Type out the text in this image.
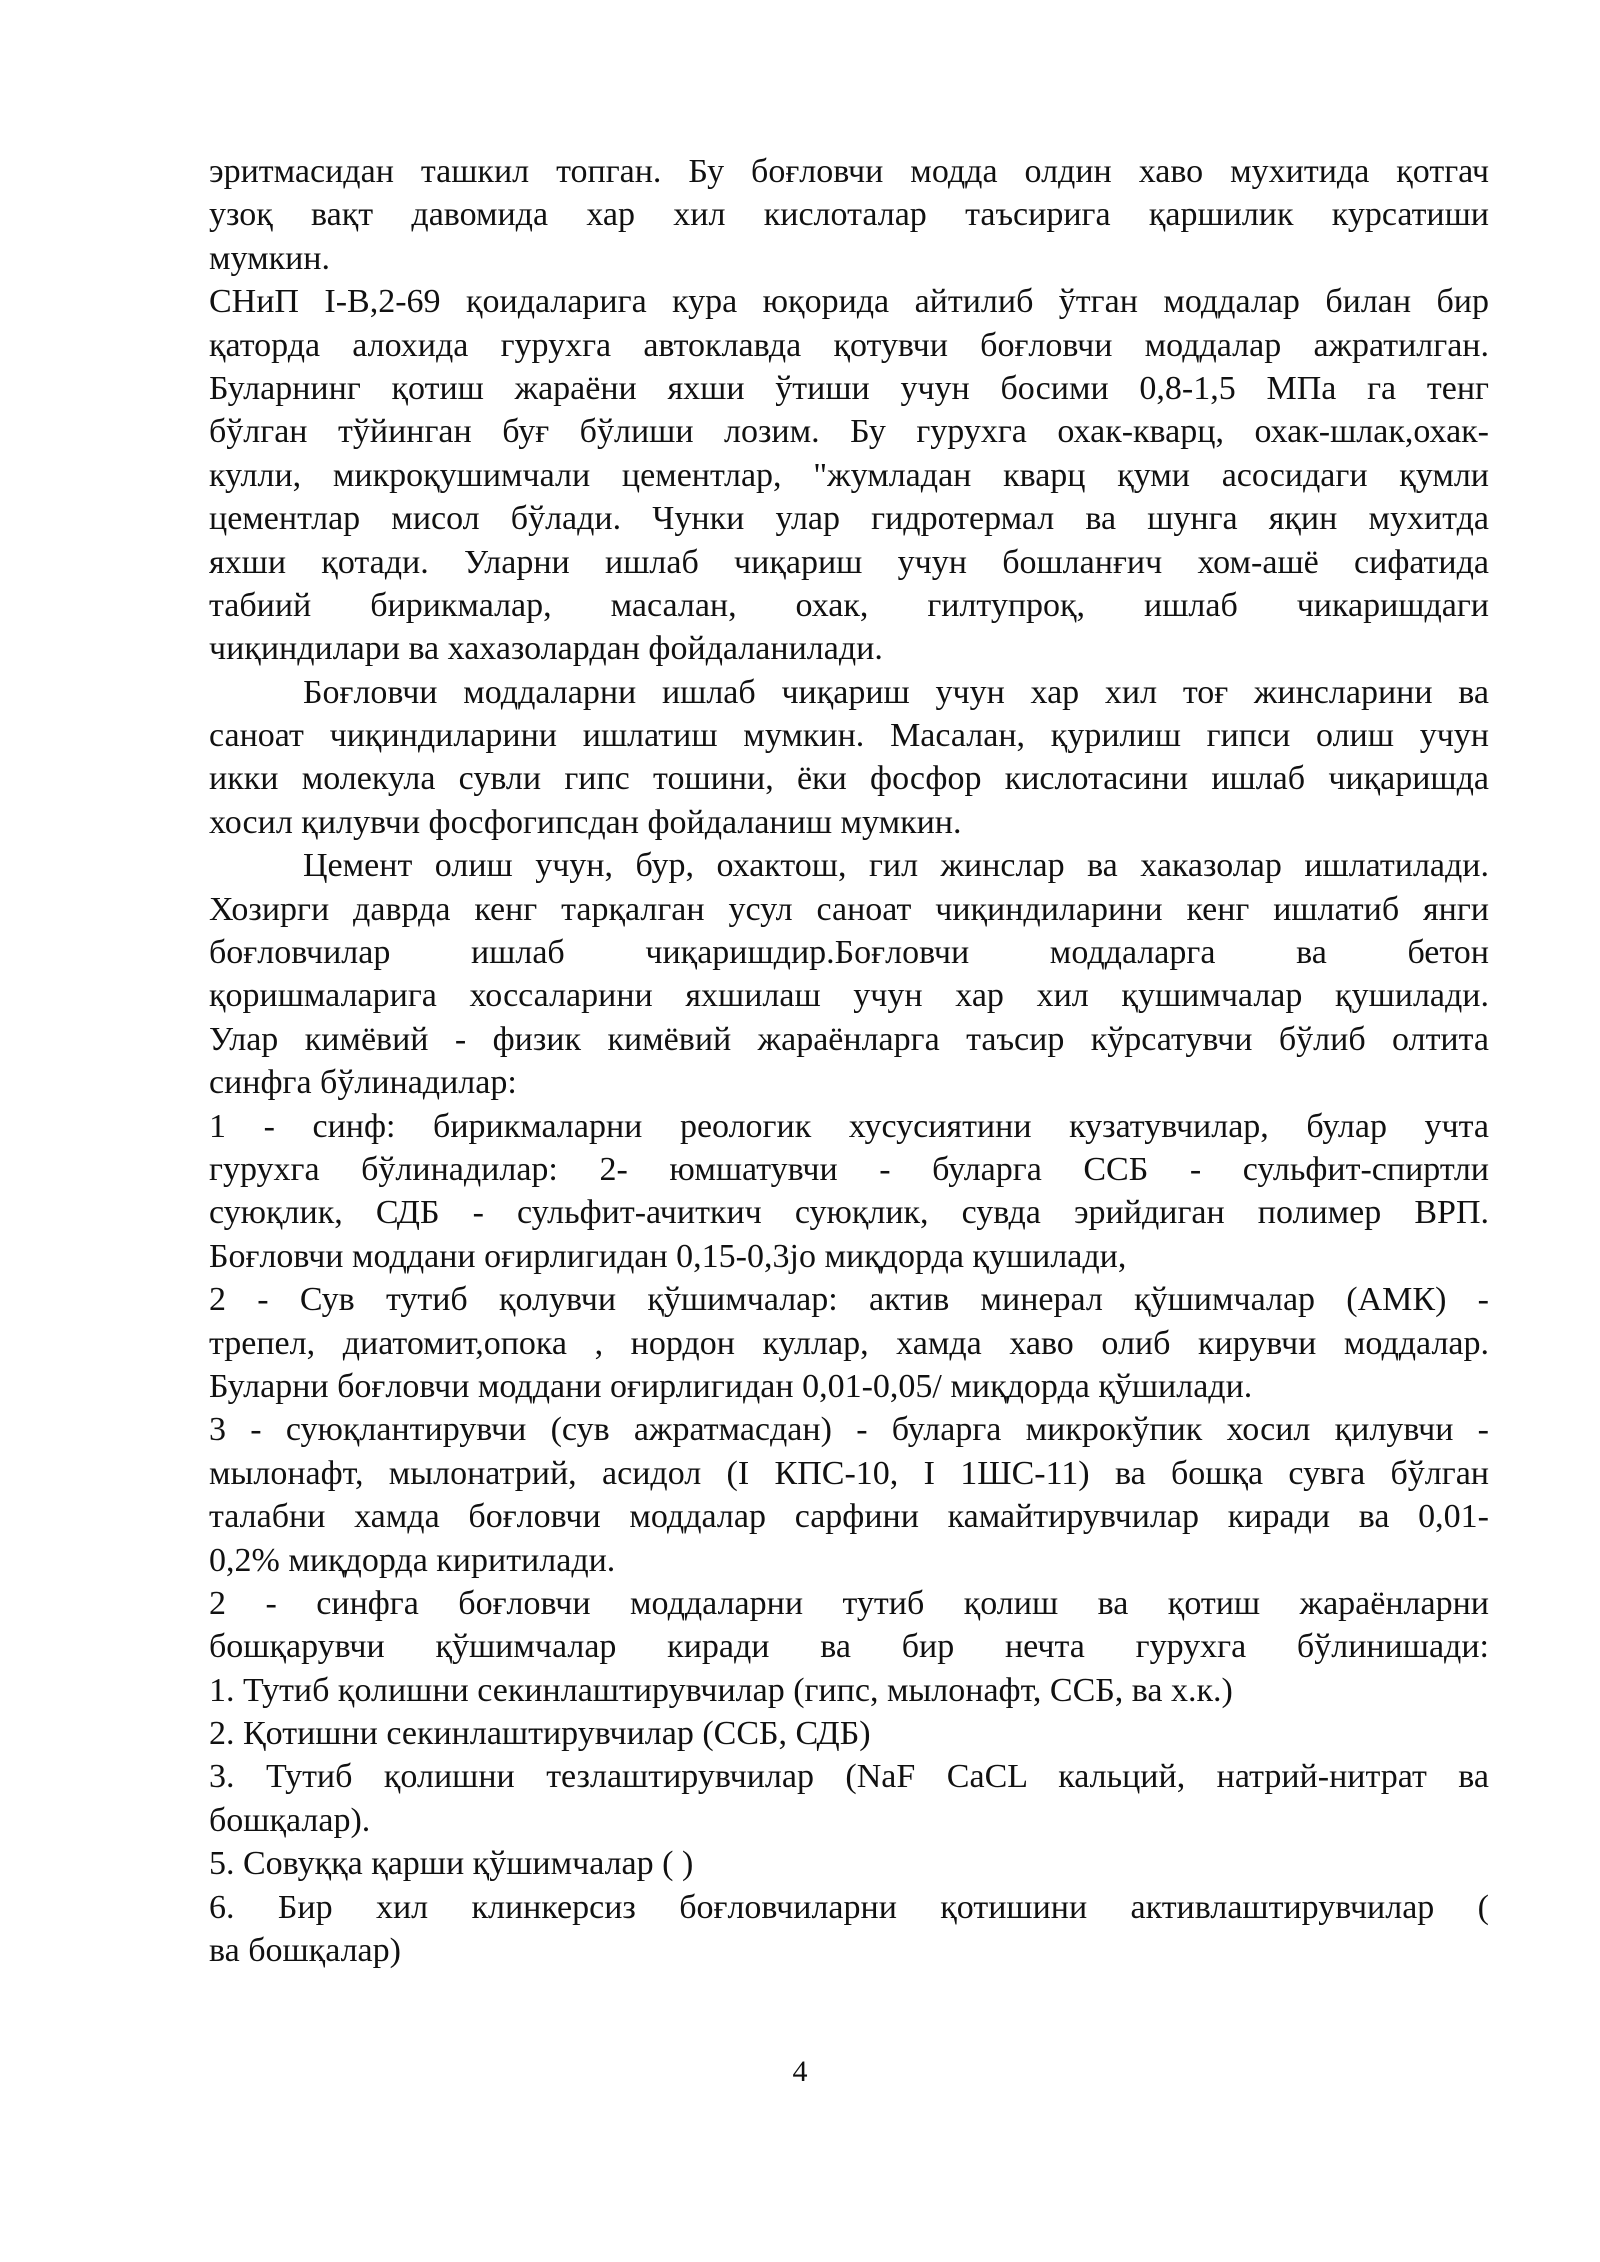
эритмасидан ташкил топган. Бу боғловчи модда олдин хаво мухитида қотгач
узоқ вақт давомида хар хил кислоталар таъсирига қаршилик курсатиши
мумкин.
СНиП I-В,2-69 қоидаларига кура юқорида айтилиб ўтган моддалар билан бир
қаторда алохида гурухга автоклавда қотувчи боғловчи моддалар ажратилган.
Буларнинг қотиш жараёни яхши ўтиши учун босими 0,8-1,5 МПа га тенг
бўлган тўйинган буғ бўлиши лозим. Бу гурухга охак-кварц, охак-шлак,охак-
кулли, микроқушимчали цементлар, "жумладан кварц қуми асосидаги қумли
цементлар мисол бўлади. Чунки улар гидротермал ва шунга яқин мухитда
яхши қотади. Уларни ишлаб чиқариш учун бошланғич хом-ашё сифатида
табиий бирикмалар, масалан, охак, гилтупроқ, ишлаб чикаришдаги
чиқиндилари ва хахазолардан фойдаланилади.
Боғловчи моддаларни ишлаб чиқариш учун хар хил тоғ жинсларини ва
саноат чиқиндиларини ишлатиш мумкин. Масалан, қурилиш гипси олиш учун
икки молекула сувли гипс тошини, ёки фосфор кислотасини ишлаб чиқаришда
хосил қилувчи фосфогипсдан фойдаланиш мумкин.
Цемент олиш учун, бур, охактош, гил жинслар ва хаказолар ишлатилади.
Хозирги даврда кенг тарқалган усул саноат чиқиндиларини кенг ишлатиб янги
боғловчилар ишлаб чиқаришдир.Боғловчи моддаларга ва бетон
қоришмаларига хоссаларини яхшилаш учун хар хил қушимчалар қушилади.
Улар кимёвий - физик кимёвий жараёнларга таъсир кўрсатувчи бўлиб олтита
синфга бўлинадилар:
1 - синф: бирикмаларни реологик хусусиятини кузатувчилар, булар учта
гурухга бўлинадилар: 2- юмшатувчи - буларга ССБ - сульфит-спиртли
суюқлик, СДБ - сульфит-ачиткич суюқлик, сувда эрийдиган полимер ВРП.
Боғловчи моддани оғирлигидан 0,15-0,3јо миқдорда қушилади,
2 - Сув тутиб қолувчи қўшимчалар: актив минерал қўшимчалар (АМК) -
трепел, диатомит,опока , нордон куллар, хамда хаво олиб кирувчи моддалар.
Буларни боғловчи моддани оғирлигидан 0,01-0,05/ миқдорда қўшилади.
3 - суюқлантирувчи (сув ажратмасдан) - буларга микрокўпик хосил қилувчи -
мылонафт, мылонатрий, асидол (I КПС-10, I 1ШС-11) ва бошқа сувга бўлган
талабни хамда боғловчи моддалар сарфини камайтирувчилар киради ва 0,01-
0,2% миқдорда киритилади.
2 - синфга боғловчи моддаларни тутиб қолиш ва қотиш жараёнларни
бошқарувчи қўшимчалар киради ва бир нечта гурухга бўлинишади:
1. Тутиб қолишни секинлаштирувчилар (гипс, мылонафт, ССБ, ва х.к.)
2. Қотишни секинлаштирувчилар (ССБ, СДБ)
3. Тутиб қолишни тезлаштирувчилар (NaF CaCL кальций, натрий-нитрат ва
бошқалар).
5. Совуққа қарши қўшимчалар ( )
6. Бир хил клинкерсиз боғловчиларни қотишини активлаштирувчилар (
ва бошқалар)
4
